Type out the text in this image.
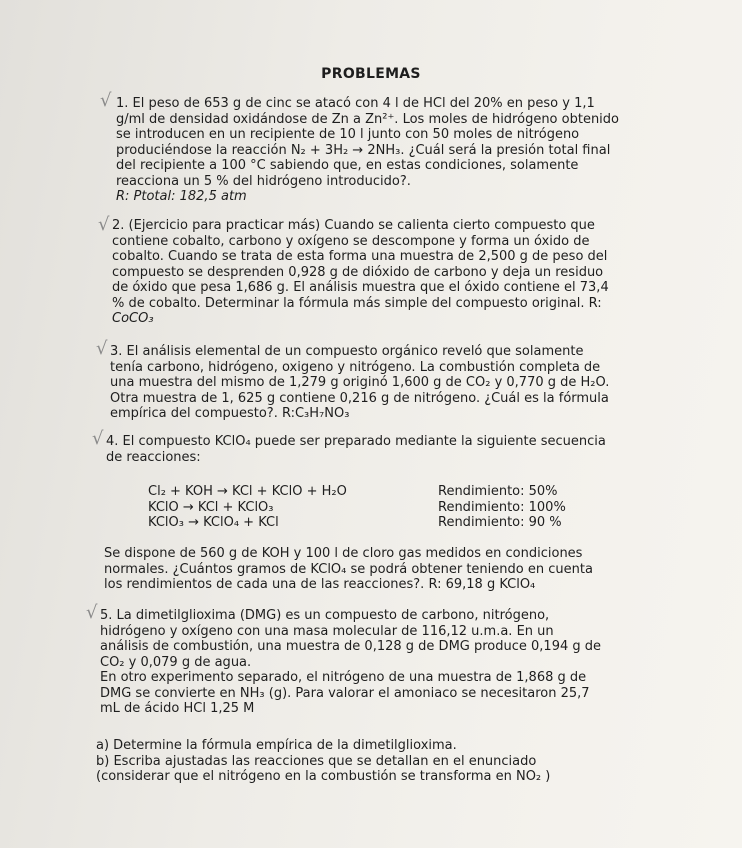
PROBLEMAS
√ 1. El peso de 653 g de cinc se atacó con 4 l de HCl del 20% en peso y 1,1
g/ml de densidad oxidándose de Zn a Zn²⁺. Los moles de hidrógeno obtenido
se introducen en un recipiente de 10 l junto con 50 moles de nitrógeno
produciéndose la reacción N₂ + 3H₂ → 2NH₃. ¿Cuál será la presión total final
del recipiente a 100 °C sabiendo que, en estas condiciones, solamente
reacciona un 5 % del hidrógeno introducido?.
R: Ptotal: 182,5 atm
√ 2. (Ejercicio para practicar más) Cuando se calienta cierto compuesto que
contiene cobalto, carbono y oxígeno se descompone y forma un óxido de
cobalto. Cuando se trata de esta forma una muestra de 2,500 g de peso del
compuesto se desprenden 0,928 g de dióxido de carbono y deja un residuo
de óxido que pesa 1,686 g. El análisis muestra que el óxido contiene el 73,4
% de cobalto. Determinar la fórmula más simple del compuesto original. R:
CoCO₃
√ 3. El análisis elemental de un compuesto orgánico reveló que solamente
tenía carbono, hidrógeno, oxigeno y nitrógeno. La combustión completa de
una muestra del mismo de 1,279 g originó 1,600 g de CO₂ y 0,770 g de H₂O.
Otra muestra de 1, 625 g contiene 0,216 g de nitrógeno. ¿Cuál es la fórmula
empírica del compuesto?. R:C₃H₇NO₃
√ 4. El compuesto KClO₄ puede ser preparado mediante la siguiente secuencia
de reacciones:
Cl₂ + KOH → KCl + KClO + H₂O	Rendimiento: 50%
KClO → KCl + KClO₃	Rendimiento: 100%
KClO₃ → KClO₄ + KCl	Rendimiento: 90 %
Se dispone de 560 g de KOH y 100 l de cloro gas medidos en condiciones
normales. ¿Cuántos gramos de KClO₄ se podrá obtener teniendo en cuenta
los rendimientos de cada una de las reacciones?. R: 69,18 g KClO₄
√ 5. La dimetilglioxima (DMG) es un compuesto de carbono, nitrógeno,
hidrógeno y oxígeno con una masa molecular de 116,12 u.m.a. En un
análisis de combustión, una muestra de 0,128 g de DMG produce 0,194 g de
CO₂ y 0,079 g de agua.
En otro experimento separado, el nitrógeno de una muestra de 1,868 g de
DMG se convierte en NH₃ (g). Para valorar el amoniaco se necesitaron 25,7
mL de ácido HCl 1,25 M
a) Determine la fórmula empírica de la dimetilglioxima.
b) Escriba ajustadas las reacciones que se detallan en el enunciado
(considerar que el nitrógeno en la combustión se transforma en NO₂ )
